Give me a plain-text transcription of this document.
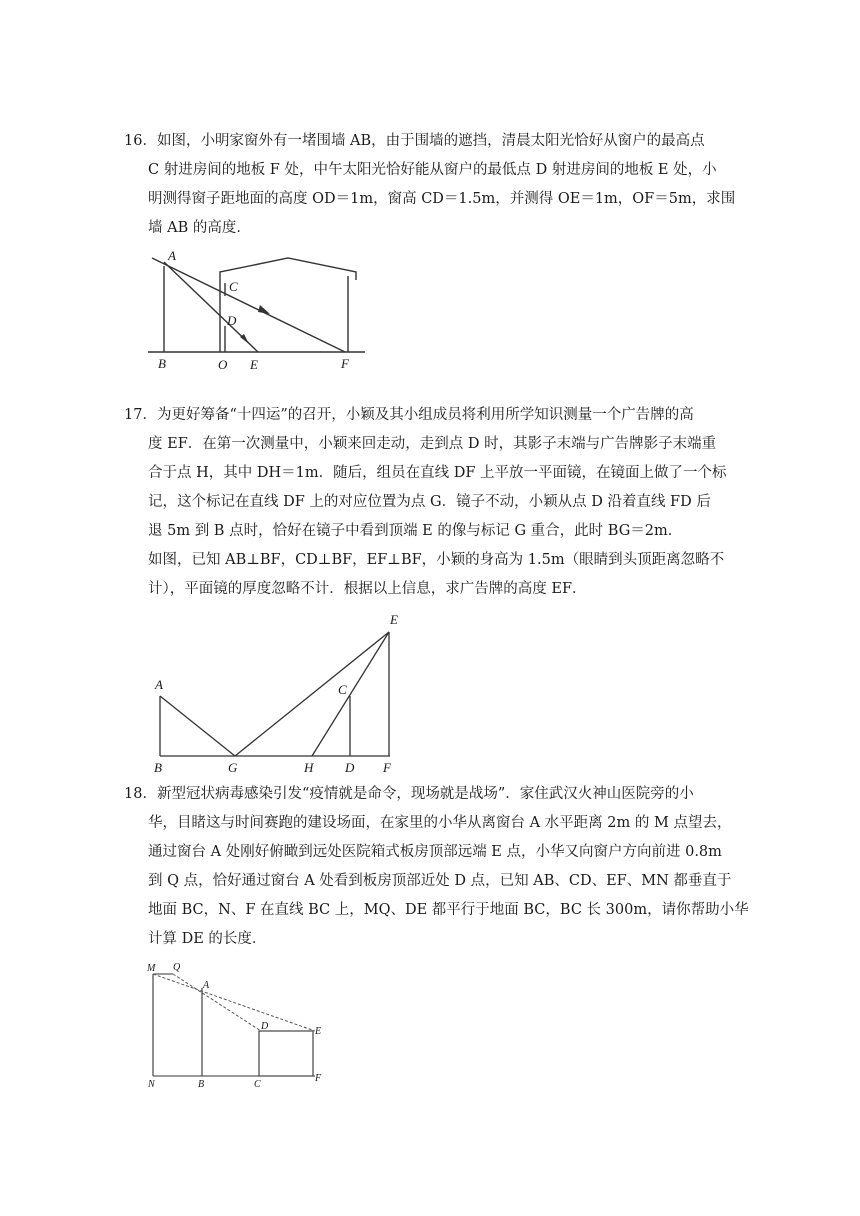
16．如图，小明家窗外有一堵围墙 AB，由于围墙的遮挡，清晨太阳光恰好从窗户的最高点
C 射进房间的地板 F 处，中午太阳光恰好能从窗户的最低点 D 射进房间的地板 E 处，小
明测得窗子距地面的高度 OD＝1m，窗高 CD＝1.5m，并测得 OE＝1m，OF＝5m，求围
墙 AB 的高度．
A
C
D
B	O E	F
17．为更好筹备“十四运”的召开，小颖及其小组成员将利用所学知识测量一个广告牌的高
度 EF．在第一次测量中，小颖来回走动，走到点 D 时，其影子末端与广告牌影子末端重
合于点 H，其中 DH＝1m．随后，组员在直线 DF 上平放一平面镜，在镜面上做了一个标
记，这个标记在直线 DF 上的对应位置为点 G．镜子不动，小颖从点 D 沿着直线 FD 后
退 5m 到 B 点时，恰好在镜子中看到顶端 E 的像与标记 G 重合，此时 BG＝2m．
如图，已知 AB⊥BF，CD⊥BF，EF⊥BF，小颖的身高为 1.5m（眼睛到头顶距离忽略不
计），平面镜的厚度忽略不计．根据以上信息，求广告牌的高度 EF．
E
A	C
B	G	H D F
18．新型冠状病毒感染引发“疫情就是命令，现场就是战场”．家住武汉火神山医院旁的小
华，目睹这与时间赛跑的建设场面，在家里的小华从离窗台 A 水平距离 2m 的 M 点望去，
通过窗台 A 处刚好俯瞰到远处医院箱式板房顶部远端 E 点，小华又向窗户方向前进 0.8m
到 Q 点，恰好通过窗台 A 处看到板房顶部近处 D 点，已知 AB、CD、EF、MN 都垂直于
地面 BC，N、F 在直线 BC 上，MQ、DE 都平行于地面 BC，BC 长 300m，请你帮助小华
计算 DE 的长度．
M Q
A
D	E
N	B	C
F
